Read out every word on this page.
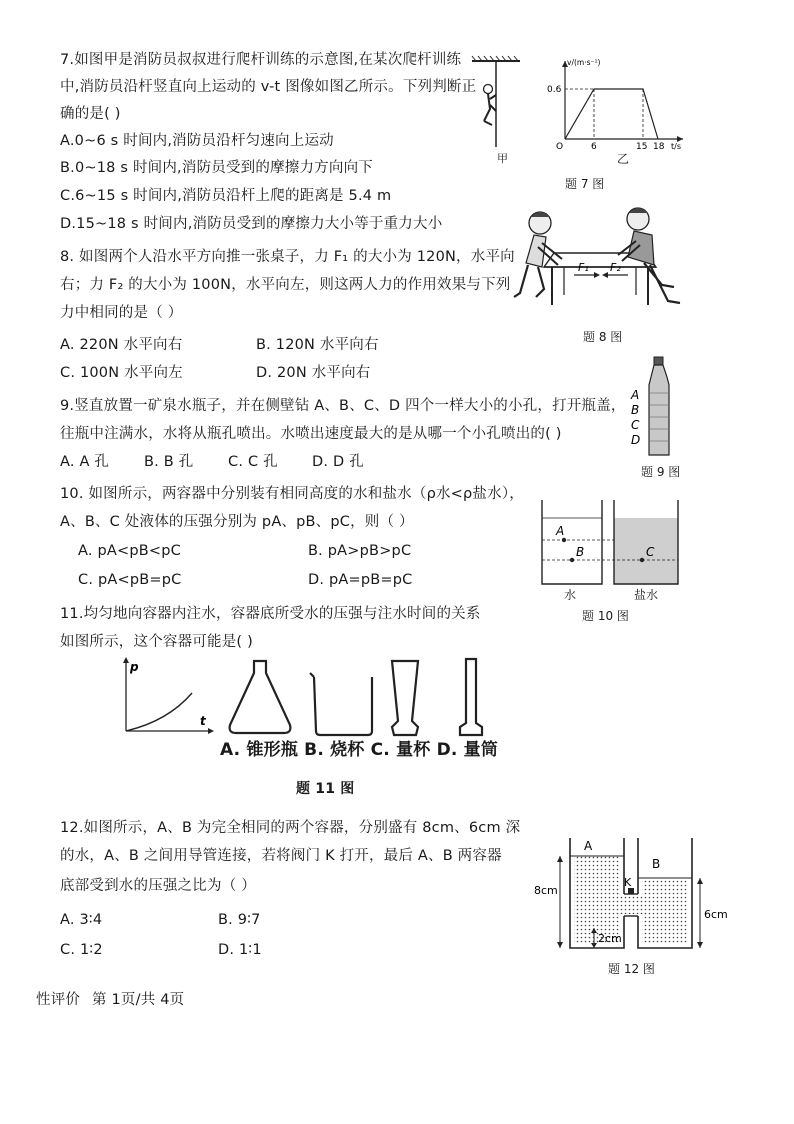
7.如图甲是消防员叔叔进行爬杆训练的示意图,在某次爬杆训练
中,消防员沿杆竖直向上运动的 v-t 图像如图乙所示。下列判断正
确的是( )
A.0~6 s 时间内,消防员沿杆匀速向上运动
B.0~18 s 时间内,消防员受到的摩擦力方向向下
C.6~15 s 时间内,消防员沿杆上爬的距离是 5.4 m
D.15~18 s 时间内,消防员受到的摩擦力大小等于重力大小
甲
v/(m·s⁻¹)
0.6
O	6	15 18 t/s
乙
题 7 图
8. 如图两个人沿水平方向推一张桌子，力 F₁ 的大小为 120N，水平向
右；力 F₂ 的大小为 100N，水平向左，则这两人力的作用效果与下列
力中相同的是（ ）
A. 220N 水平向右	B. 120N 水平向右
C. 100N 水平向左	D. 20N 水平向右
F₁ F₂
题 8 图
9.竖直放置一矿泉水瓶子，并在侧壁钻 A、B、C、D 四个一样大小的小孔，打开瓶盖，
往瓶中注满水，水将从瓶孔喷出。水喷出速度最大的是从哪一个小孔喷出的( )
A. A 孔 B. B 孔 C. C 孔 D. D 孔
A
B
C
D
题 9 图
10. 如图所示，两容器中分别装有相同高度的水和盐水（ρ水<ρ盐水），
A、B、C 处液体的压强分别为 pA、pB、pC，则（ ）
A. pA<pB<pC	B. pA>pB>pC
C. pA<pB=pC	D. pA=pB=pC
A
B	C
水	盐水
题 10 图
11.均匀地向容器内注水，容器底所受水的压强与注水时间的关系
如图所示，这个容器可能是( )
p
t
A. 锥形瓶 B. 烧杯 C. 量杯 D. 量筒
题 11 图
12.如图所示，A、B 为完全相同的两个容器，分别盛有 8cm、6cm 深
的水，A、B 之间用导管连接，若将阀门 K 打开，最后 A、B 两容器
底部受到水的压强之比为（ ）
A. 3∶4	B. 9∶7
C. 1∶2	D. 1∶1
A
B
K
8cm
6cm
2cm
题 12 图
性评价 第 1页/共 4页
